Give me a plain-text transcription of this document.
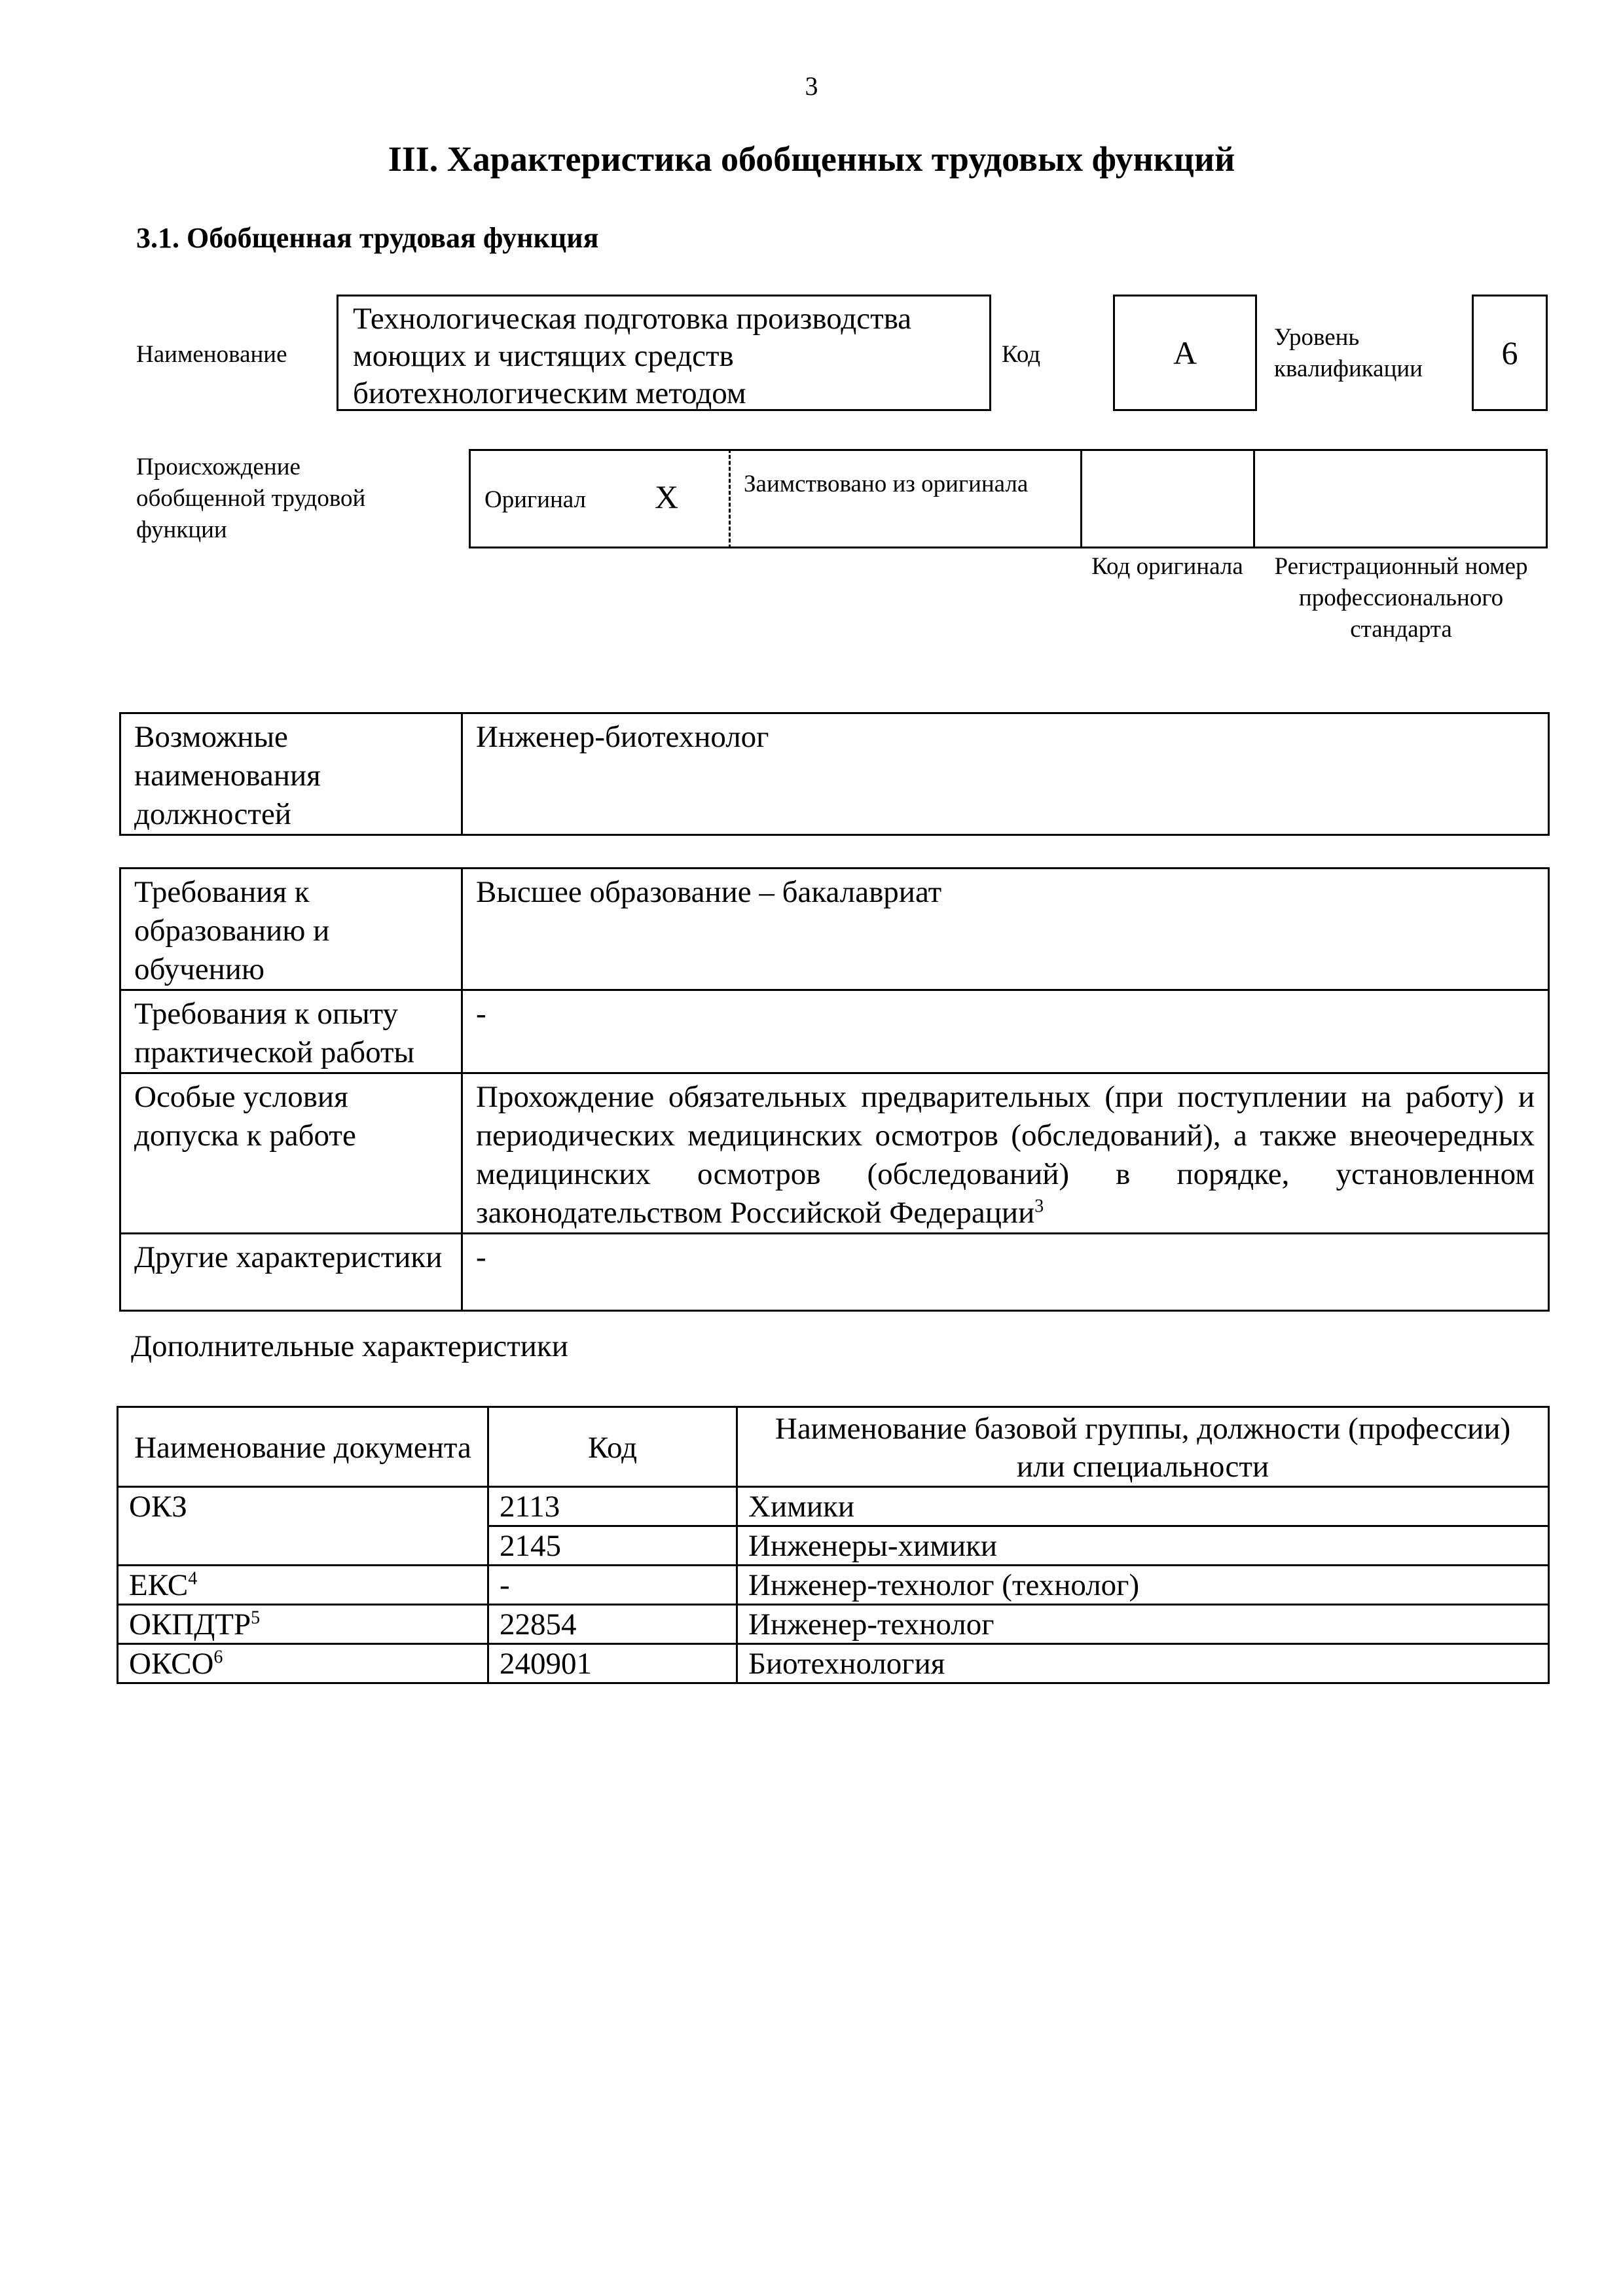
3
III. Характеристика обобщенных трудовых функций
3.1. Обобщенная трудовая функция
Наименование
Технологическая подготовка производства моющих и чистящих средств биотехнологическим методом
Код	А	Уровень квалификации	6
Происхождение обобщенной трудовой функции
Оригинал Х	Заимствовано из оригинала
Код оригинала	Регистрационный номер профессионального стандарта
Возможные наименования должностей	Инженер-биотехнолог
Требования к образованию и обучению	Высшее образование – бакалавриат
Требования к опыту практической работы	-
Особые условия допуска к работе	Прохождение обязательных предварительных (при поступлении на работу) и периодических медицинских осмотров (обследований), а также внеочередных медицинских осмотров (обследований) в порядке, установленном законодательством Российской Федерации$^3$
Другие характеристики	-
Дополнительные характеристики
Наименование документа	Код	Наименование базовой группы, должности (профессии) или специальности
ОКЗ	2113	Химики
	2145	Инженеры-химики
ЕКС$^4$	-	Инженер-технолог (технолог)
ОКПДТР$^5$	22854	Инженер-технолог
ОКСО$^6$	240901	Биотехнология
